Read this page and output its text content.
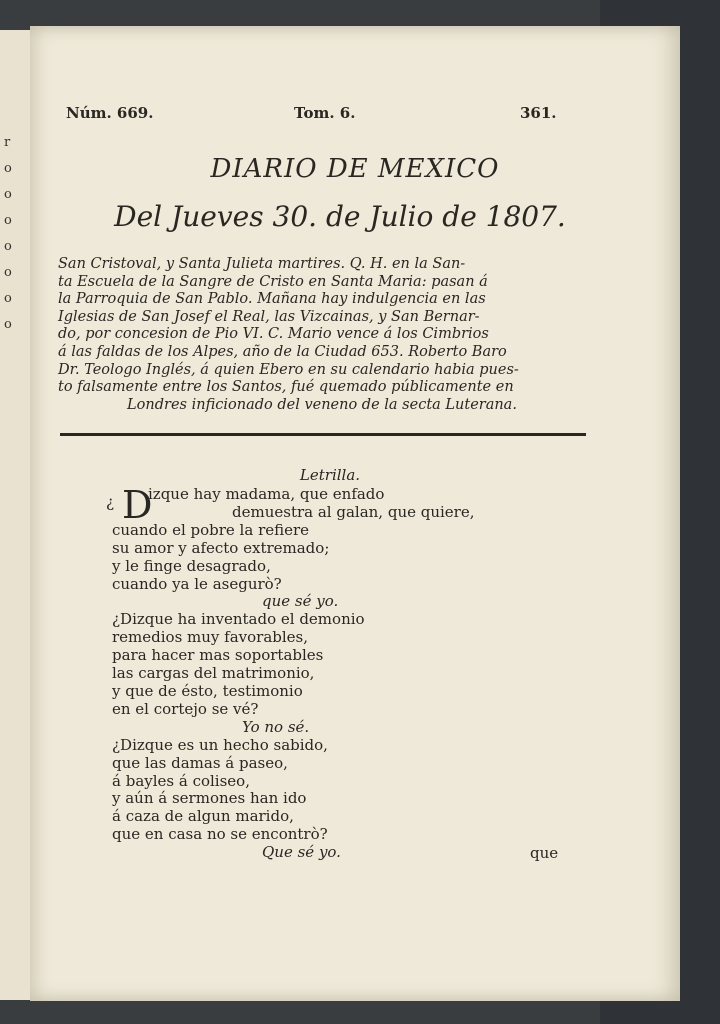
r
o
o
o
o
o
o
o
Núm. 669.	Tom. 6.	361.
DIARIO DE MEXICO
Del Jueves 30. de Julio de 1807.
San Cristoval, y Santa Julieta martires. Q. H. en la San-
ta Escuela de la Sangre de Cristo en Santa Maria: pasan á
la Parroquia de San Pablo. Mañana hay indulgencia en las
Iglesias de San Josef el Real, las Vizcainas, y San Bernar-
do, por concesion de Pio VI. C. Mario vence á los Cimbrios
á las faldas de los Alpes, año de la Ciudad 653. Roberto Baro
Dr. Teologo Inglés, á quien Ebero en su calendario habia pues-
to falsamente entre los Santos, fué quemado públicamente en
Londres inficionado del veneno de la secta Luterana.
Letrilla.
¿ D
izque hay madama, que enfado
demuestra al galan, que quiere,
cuando el pobre la refiere
su amor y afecto extremado;
y le finge desagrado,
cuando ya le asegurò?
que sé yo.
¿Dizque ha inventado el demonio
remedios muy favorables,
para hacer mas soportables
las cargas del matrimonio,
y que de ésto, testimonio
en el cortejo se vé?
Yo no sé.
¿Dizque es un hecho sabido,
que las damas á paseo,
á bayles á coliseo,
y aún á sermones han ido
á caza de algun marido,
que en casa no se encontrò?
Que sé yo.	que
